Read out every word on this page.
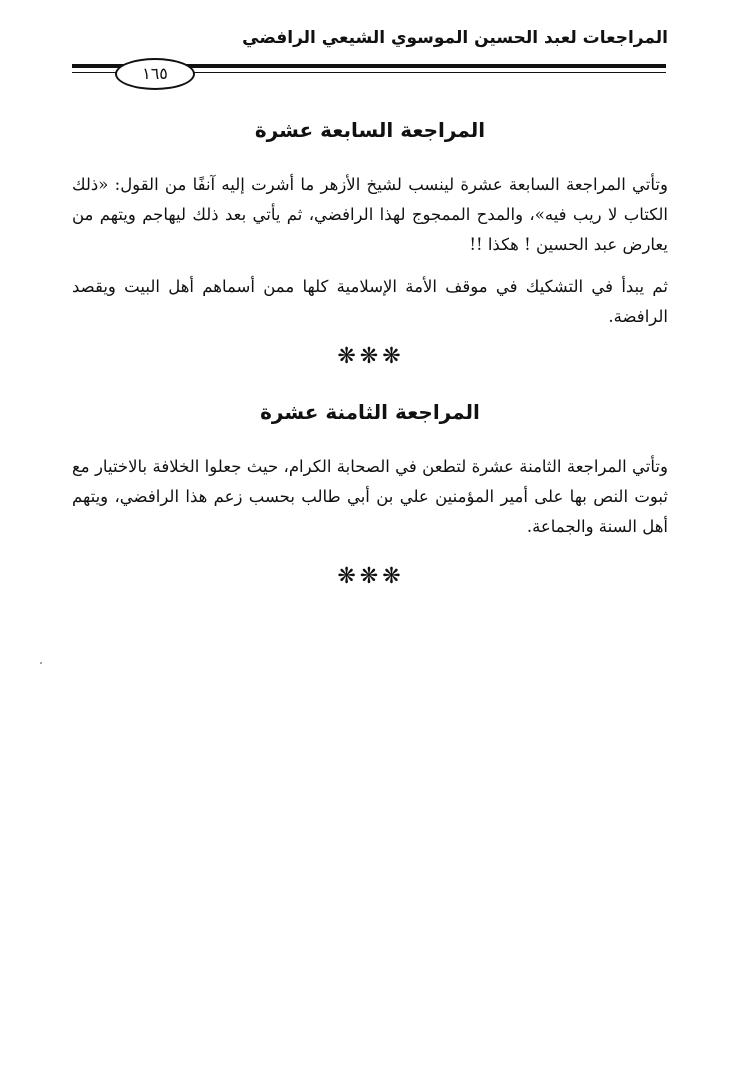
المراجعات لعبد الحسين الموسوي الشيعي الرافضي
١٦٥
المراجعة السابعة عشرة
وتأتي المراجعة السابعة عشرة لينسب لشيخ الأزهر ما أشرت إليه آنفًا من القول: «ذلك الكتاب لا ريب فيه»، والمدح الممجوج لهذا الرافضي، ثم يأتي بعد ذلك ليهاجم ويتهم من يعارض عبد الحسين ! هكذا !!
ثم يبدأ في التشكيك في موقف الأمة الإسلامية كلها ممن أسماهم أهل البيت ويقصد الرافضة.
❋❋❋
المراجعة الثامنة عشرة
وتأتي المراجعة الثامنة عشرة لتطعن في الصحابة الكرام، حيث جعلوا الخلافة بالاختيار مع ثبوت النص بها على أمير المؤمنين علي بن أبي طالب بحسب زعم هذا الرافضي، ويتهم أهل السنة والجماعة.
❋❋❋
